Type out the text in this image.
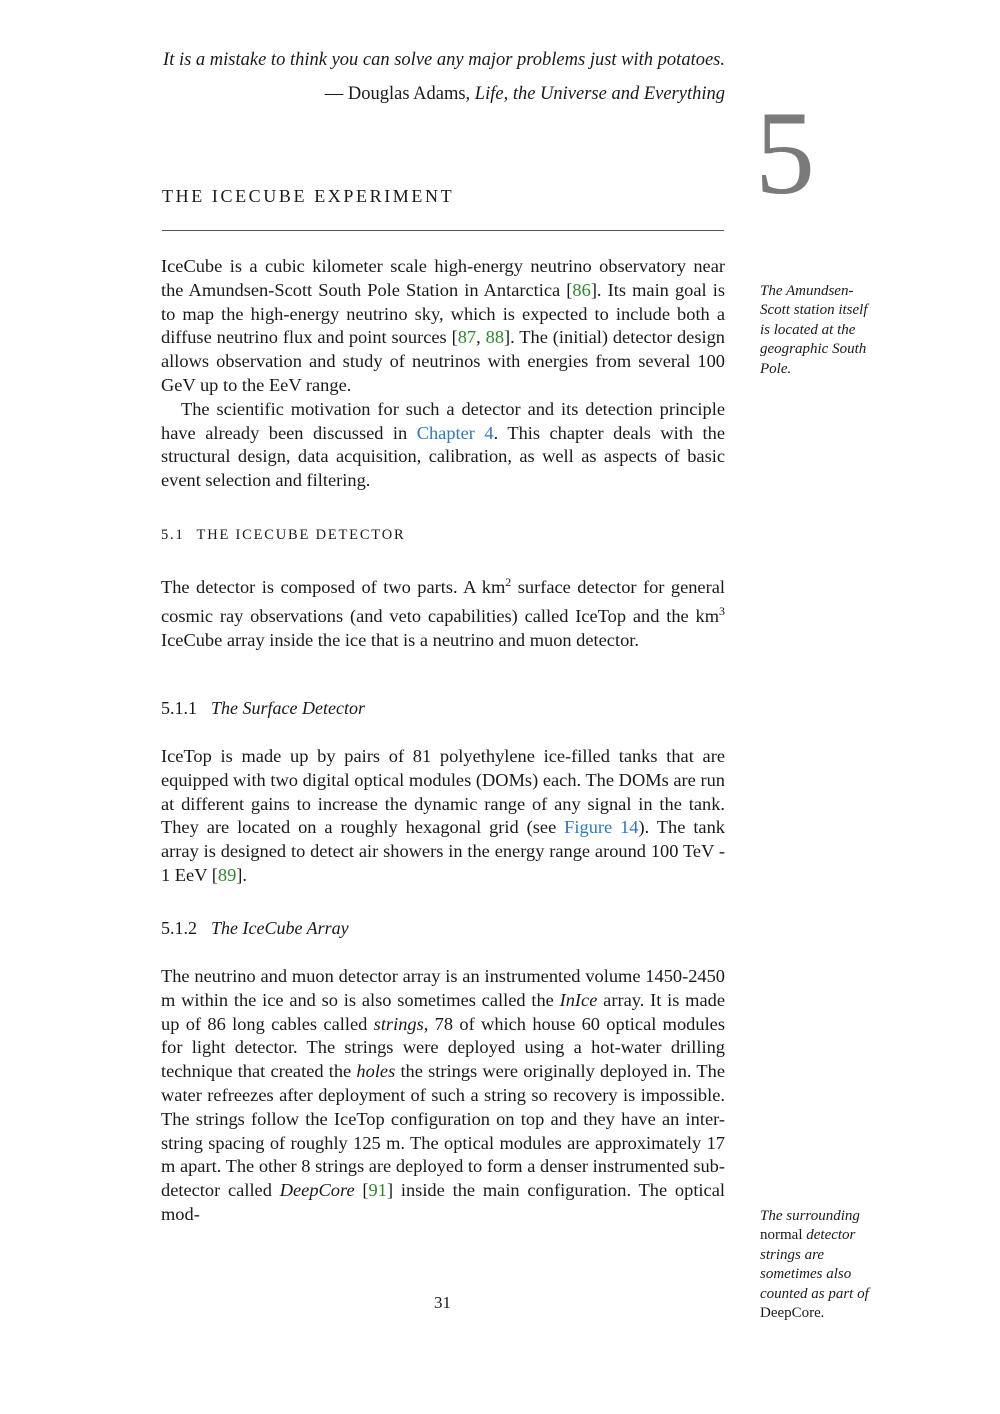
It is a mistake to think you can solve any major problems just with potatoes.
— Douglas Adams, Life, the Universe and Everything 5
THE ICECUBE EXPERIMENT

IceCube is a cubic kilometer scale high-energy neutrino observatory near the Amundsen-Scott South Pole Station in Antarctica [86]. Its main goal is to map the high-energy neutrino sky, which is expected to include both a diffuse neutrino flux and point sources [87, 88]. The (initial) detector design allows observation and study of neutrinos with energies from several 100 GeV up to the EeV range.

The scientific motivation for such a detector and its detection principle have already been discussed in Chapter 4. This chapter deals with the structural design, data acquisition, calibration, as well as aspects of basic event selection and filtering.

The Amundsen-Scott station itself is located at the geographic South Pole.
5.1 THE ICECUBE DETECTOR

The detector is composed of two parts. A $km^2$ surface detector for general cosmic ray observations (and veto capabilities) called IceTop and the $km^3$ IceCube array inside the ice that is a neutrino and muon detector.

5.1.1 The Surface Detector

IceTop is made up by pairs of 81 polyethylene ice-filled tanks that are equipped with two digital optical modules (DOMs) each. The DOMs are run at different gains to increase the dynamic range of any signal in the tank. They are located on a roughly hexagonal grid (see Figure 14). The tank array is designed to detect air showers in the energy range around 100 TeV - 1 EeV [89].

5.1.2 The IceCube Array

The neutrino and muon detector array is an instrumented volume 1450-2450 m within the ice and so is also sometimes called the InIce array. It is made up of 86 long cables called strings, 78 of which house 60 optical modules for light detector. The strings were deployed using a hot-water drilling technique that created the holes the strings were originally deployed in. The water refreezes after deployment of such a string so recovery is impossible. The strings follow the IceTop configuration on top and they have an inter-string spacing of roughly 125 m. The optical modules are approximately 17 m apart. The other 8 strings are deployed to form a denser instrumented sub-detector called DeepCore [91] inside the main configuration. The optical mod-	The surrounding normal detector strings are sometimes also counted as part of DeepCore.
31
